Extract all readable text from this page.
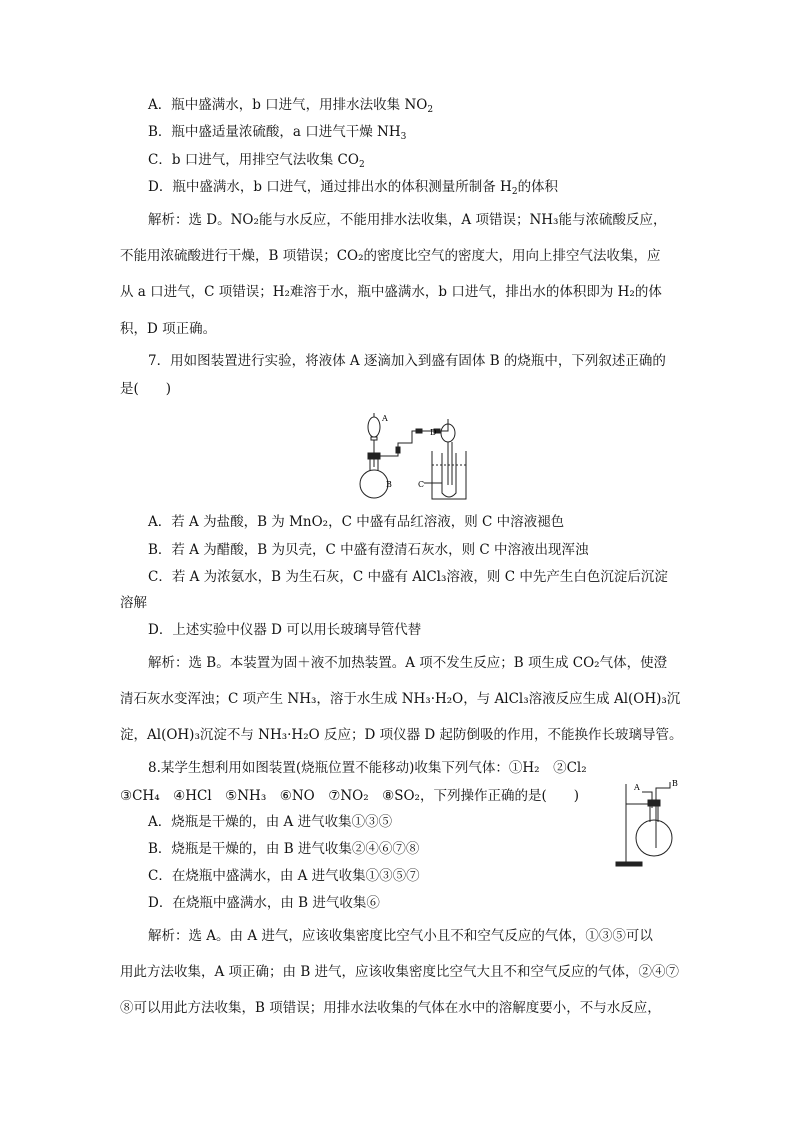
A．瓶中盛满水，b 口进气，用排水法收集 $NO_2$
B．瓶中盛适量浓硫酸，a 口进气干燥 $NH_3$
C．b 口进气，用排空气法收集 $CO_2$
D．瓶中盛满水，b 口进气，通过排出水的体积测量所制备 $H_2$的体积
解析：选 D。NO₂能与水反应，不能用排水法收集，A 项错误；NH₃能与浓硫酸反应，
不能用浓硫酸进行干燥，B 项错误；CO₂的密度比空气的密度大，用向上排空气法收集，应
从 a 口进气，C 项错误；H₂难溶于水，瓶中盛满水，b 口进气，排出水的体积即为 H₂的体
积，D 项正确。
7．用如图装置进行实验，将液体 A 逐滴加入到盛有固体 B 的烧瓶中，下列叙述正确的
是(　　)
A
B	C
D
A．若 A 为盐酸，B 为 MnO₂，C 中盛有品红溶液，则 C 中溶液褪色
B．若 A 为醋酸，B 为贝壳，C 中盛有澄清石灰水，则 C 中溶液出现浑浊
C．若 A 为浓氨水，B 为生石灰，C 中盛有 AlCl₃溶液，则 C 中先产生白色沉淀后沉淀
溶解
D．上述实验中仪器 D 可以用长玻璃导管代替
解析：选 B。本装置为固＋液不加热装置。A 项不发生反应；B 项生成 CO₂气体，使澄
清石灰水变浑浊；C 项产生 NH₃，溶于水生成 NH₃·H₂O，与 AlCl₃溶液反应生成 Al(OH)₃沉
淀，Al(OH)₃沉淀不与 NH₃·H₂O 反应；D 项仪器 D 起防倒吸的作用，不能换作长玻璃导管。
8.某学生想利用如图装置(烧瓶位置不能移动)收集下列气体：①H₂　②Cl₂
③CH₄　④HCl　⑤NH₃　⑥NO　⑦NO₂　⑧SO₂，下列操作正确的是(　　)
A	B
A．烧瓶是干燥的，由 A 进气收集①③⑤
B．烧瓶是干燥的，由 B 进气收集②④⑥⑦⑧
C．在烧瓶中盛满水，由 A 进气收集①③⑤⑦
D．在烧瓶中盛满水，由 B 进气收集⑥
解析：选 A。由 A 进气，应该收集密度比空气小且不和空气反应的气体，①③⑤可以
用此方法收集，A 项正确；由 B 进气，应该收集密度比空气大且不和空气反应的气体，②④⑦
⑧可以用此方法收集，B 项错误；用排水法收集的气体在水中的溶解度要小，不与水反应，
